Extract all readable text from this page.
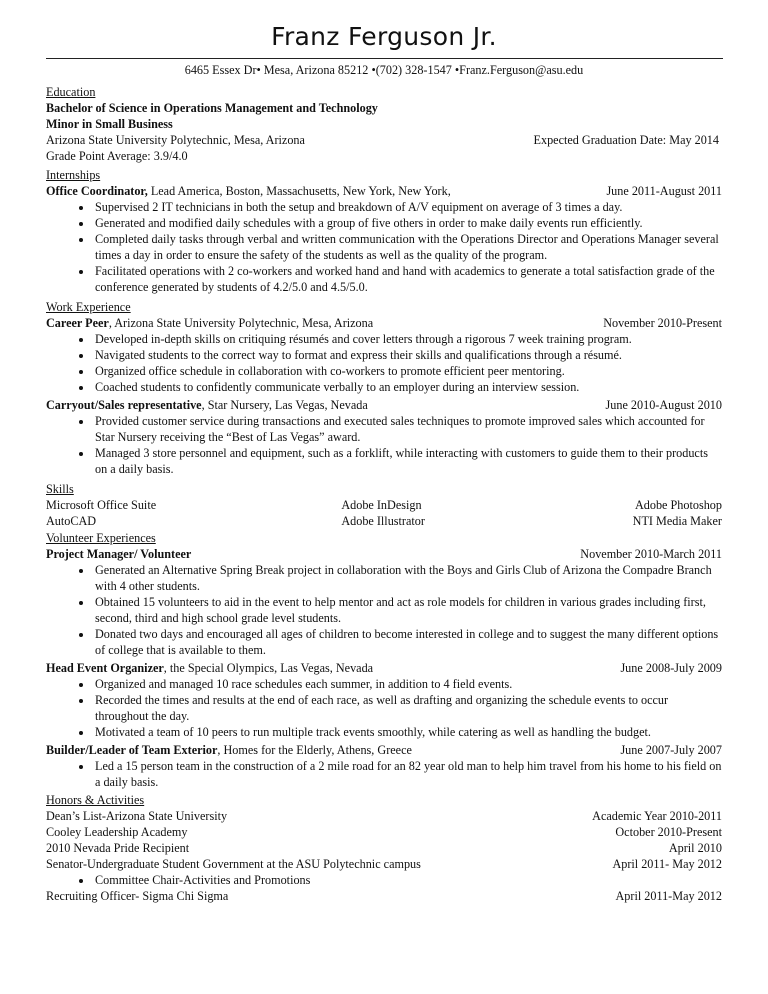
Franz Ferguson Jr.
6465 Essex Dr• Mesa, Arizona 85212 •(702) 328-1547 •Franz.Ferguson@asu.edu
Education
Bachelor of Science in Operations Management and Technology
Minor in Small Business
Arizona State University Polytechnic, Mesa, Arizona	Expected Graduation Date: May 2014
Grade Point Average: 3.9/4.0
Internships
Office Coordinator, Lead America, Boston, Massachusetts, New York, New York,	June 2011-August 2011
• Supervised 2 IT technicians in both the setup and breakdown of A/V equipment on average of 3 times a day.
• Generated and modified daily schedules with a group of five others in order to make daily events run efficiently.
• Completed daily tasks through verbal and written communication with the Operations Director and Operations Manager several times a day in order to ensure the safety of the students as well as the quality of the program.
• Facilitated operations with 2 co-workers and worked hand and hand with academics to generate a total satisfaction grade of the conference generated by students of 4.2/5.0 and 4.5/5.0.
Work Experience
Career Peer, Arizona State University Polytechnic, Mesa, Arizona	November 2010-Present
• Developed in-depth skills on critiquing résumés and cover letters through a rigorous 7 week training program.
• Navigated students to the correct way to format and express their skills and qualifications through a résumé.
• Organized office schedule in collaboration with co-workers to promote efficient peer mentoring.
• Coached students to confidently communicate verbally to an employer during an interview session.
Carryout/Sales representative, Star Nursery, Las Vegas, Nevada	June 2010-August 2010
• Provided customer service during transactions and executed sales techniques to promote improved sales which accounted for Star Nursery receiving the “Best of Las Vegas” award.
• Managed 3 store personnel and equipment, such as a forklift, while interacting with customers to guide them to their products on a daily basis.
Skills
Microsoft Office Suite	Adobe InDesign	Adobe Photoshop
AutoCAD	Adobe Illustrator	NTI Media Maker
Volunteer Experiences
Project Manager/ Volunteer	November 2010-March 2011
• Generated an Alternative Spring Break project in collaboration with the Boys and Girls Club of Arizona the Compadre Branch with 4 other students.
• Obtained 15 volunteers to aid in the event to help mentor and act as role models for children in various grades including first, second, third and high school grade level students.
• Donated two days and encouraged all ages of children to become interested in college and to suggest the many different options of college that is available to them.
Head Event Organizer, the Special Olympics, Las Vegas, Nevada	June 2008-July 2009
• Organized and managed 10 race schedules each summer, in addition to 4 field events.
• Recorded the times and results at the end of each race, as well as drafting and organizing the schedule events to occur throughout the day.
• Motivated a team of 10 peers to run multiple track events smoothly, while catering as well as handling the budget.
Builder/Leader of Team Exterior, Homes for the Elderly, Athens, Greece	June 2007-July 2007
• Led a 15 person team in the construction of a 2 mile road for an 82 year old man to help him travel from his home to his field on a daily basis.
Honors & Activities
Dean’s List-Arizona State University	Academic Year 2010-2011
Cooley Leadership Academy	October 2010-Present
2010 Nevada Pride Recipient	April 2010
Senator-Undergraduate Student Government at the ASU Polytechnic campus	April 2011- May 2012
• Committee Chair-Activities and Promotions
Recruiting Officer- Sigma Chi Sigma	April 2011-May 2012
